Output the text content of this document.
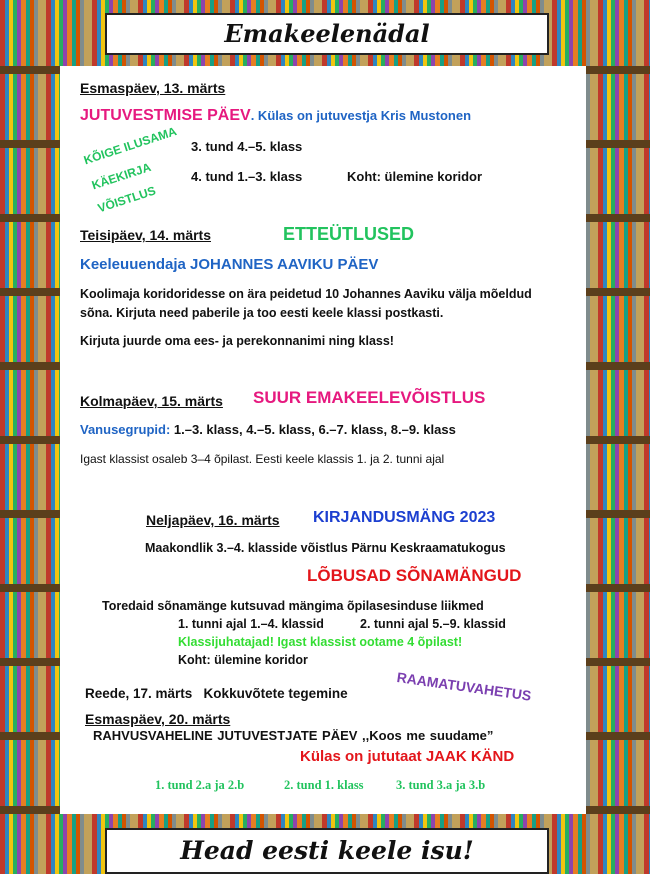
Emakeelenädal
Esmaspäev, 13. märts
JUTUVESTMISE PÄEV. Külas on jutuvestja Kris Mustonen
KÕIGE ILUSAMA
KÄEKIRJA
VÕISTLUS
3. tund 4.–5. klass
4. tund 1.–3. klass	Koht: ülemine koridor
Teisipäev, 14. märts	ETTEÜTLUSED
Keeleuuendaja JOHANNES AAVIKU PÄEV
Koolimaja koridoridesse on ära peidetud 10 Johannes Aaviku välja mõeldud
sõna. Kirjuta need paberile ja too eesti keele klassi postkasti.
Kirjuta juurde oma ees- ja perekonnanimi ning klass!
Kolmapäev, 15. märts SUUR EMAKEELEVÕISTLUS
Vanusegrupid: 1.–3. klass, 4.–5. klass, 6.–7. klass, 8.–9. klass
Igast klassist osaleb 3–4 õpilast. Eesti keele klassis 1. ja 2. tunni ajal
Neljapäev, 16. märts KIRJANDUSMÄNG 2023
Maakondlik 3.–4. klasside võistlus Pärnu Keskraamatukogus
LÕBUSAD SÕNAMÄNGUD
Toredaid sõnamänge kutsuvad mängima õpilasesinduse liikmed
1. tunni ajal 1.–4. klassid	2. tunni ajal 5.–9. klassid
Klassijuhatajad! Igast klassist ootame 4 õpilast!
Koht: ülemine koridor
Reede, 17. märts   Kokkuvõtete tegemine	RAAMATUVAHETUS
Esmaspäev, 20. märts
RAHVUSVAHELINE JUTUVESTJATE PÄEV ,,Koos me suudame”
Külas on jututaat JAAK KÄND
1. tund 2.a ja 2.b	2. tund 1. klass	3. tund 3.a ja 3.b
Head eesti keele isu!
